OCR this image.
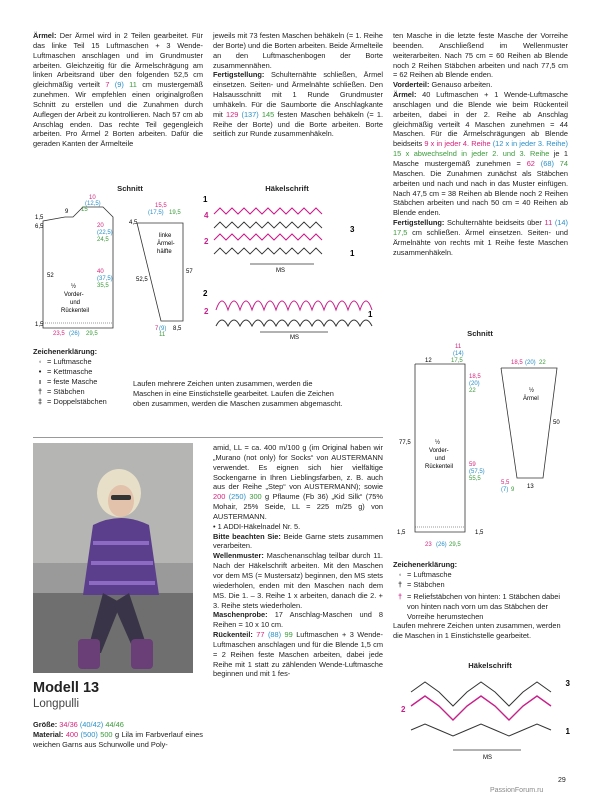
Ärmel: Der Ärmel wird in 2 Teilen gearbeitet. Für das linke Teil 15 Luftmaschen + 3 Wende-Luftmaschen anschlagen und im Grundmuster arbeiten. Gleichzeitig für die Ärmelschrägung am linken Arbeitsrand über den folgenden 52,5 cm gleichmäßig verteilt 7 (9) 11 cm mustergemäß zunehmen. Wir empfehlen einen originalgroßen Schnitt zu erstellen und die Zunahmen durch Auflegen der Arbeit zu kontrollieren. Nach 57 cm ab Anschlag enden. Das rechte Teil gegengleich arbeiten. Pro Ärmel 2 Borten arbeiten. Dafür die geraden Kanten der Ärmelteile

jeweils mit 73 festen Maschen behäkeln (= 1. Reihe der Borte) und die Borten arbeiten. Beide Ärmelteile an den Luftmaschenbogen der Borte zusammennähen.

Fertigstellung: Schulternähte schließen, Ärmel einsetzen. Seiten- und Ärmelnähte schließen. Den Halsausschnitt mit 1 Runde Grundmuster umhäkeln. Für die Saumborte die Anschlagkante mit 129 (137) 145 festen Maschen behäkeln (= 1. Reihe der Borte) und die Borte arbeiten. Borte seitlich zur Runde zusammenhäkeln.

ten Masche in die letzte feste Masche der Vorreihe beenden. Anschließend im Wellenmuster weiterarbeiten. Nach 75 cm = 60 Reihen ab Blende noch 2 Reihen Stäbchen arbeiten und nach 77,5 cm = 62 Reihen ab Blende enden.

Vorderteil: Genauso arbeiten.

Ärmel: 40 Luftmaschen + 1 Wende-Luftmasche anschlagen und die Blende wie beim Rückenteil arbeiten, dabei in der 2. Reihe ab Anschlag gleichmäßig verteilt 4 Maschen zunehmen = 44 Maschen. Für die Ärmelschrägungen ab Blende beidseits 9 x in jeder 4. Reihe (12 x in jeder 3. Reihe) 15 x abwechselnd in jeder 2. und 3. Reihe je 1 Masche mustergemäß zunehmen = 62 (68) 74 Maschen. Die Zunahmen zunächst als Stäbchen arbeiten und nach und nach in das Muster einfügen. Nach 47,5 cm = 38 Reihen ab Blende noch 2 Reihen Stäbchen arbeiten und nach 50 cm = 40 Reihen ab Blende enden.

Fertigstellung: Schulternähte beidseits über 11 (14) 17,5 cm schließen. Ärmel einsetzen. Seiten- und Ärmelnähte von rechts mit 1 Reihe feste Maschen zusammenhäkeln.

Schnitt
10
(12,5)
15
9
1,5
6,5	20
(22,5)
24,5
40
(37,5)
35,5
52
1,5
½
Vorder-
und
Rückenteil
23,5 (26) 29,5
15,5
(17,5) 19,5
4,5
linke
Ärmel-
hälfte
52,5
57
7 (9)
11
8,5
Häkelschrift
1
4
2
3
1
MS
2
2	1
MS
Zeichenerklärung:
◦ = Luftmasche
• = Kettmasche
ı = feste Masche
† = Stäbchen
‡ = Doppelstäbchen
Laufen mehrere Zeichen unten zusammen, werden die Maschen in eine Einstichstelle gearbeitet. Laufen die Zeichen oben zusammen, werden die Maschen zusammen abgemascht.
Modell 13
Longpulli

Größe: 34/36 (40/42) 44/46

Material: 400 (500) 500 g Lila im Farbverlauf eines weichen Garns aus Schurwolle und Poly-

amid, LL = ca. 400 m/100 g (im Original haben wir „Murano (not only) for Socks“ von AUSTERMANN verwendet. Es eignen sich hier vielfältige Sockengarne in Ihren Lieblingsfarben, z. B. auch aus der Reihe „Step“ von AUSTERMANN); sowie 200 (250) 300 g Pflaume (Fb 36) „Kid Silk“ (75% Mohair, 25% Seide, LL = 225 m/25 g) von AUSTERMANN.

• 1 ADDI-Häkelnadel Nr. 5.

Bitte beachten Sie: Beide Garne stets zusammen verarbeiten.

Wellenmuster: Maschenanschlag teilbar durch 11. Nach der Häkelschrift arbeiten. Mit den Maschen vor dem MS (= Mustersatz) beginnen, den MS stets wiederholen, enden mit den Maschen nach dem MS. Die 1. – 3. Reihe 1 x arbeiten, danach die 2. + 3. Reihe stets wiederholen.

Maschenprobe: 17 Anschlag-Maschen und 8 Reihen = 10 x 10 cm.

Rückenteil: 77 (88) 99 Luftmaschen + 3 Wende-Luftmaschen anschlagen und für die Blende 1,5 cm = 2 Reihen feste Maschen arbeiten, dabei jede Reihe mit 1 statt zu zählenden Wende-Luftmasche beginnen und mit 1 fes-

Schnitt
11
(14)
17,5
12
18,5
(20)
22
77,5	½
Vorder-
und
Rückenteil	59
(57,5)
55,5
1,5	1,5
23 (26) 29,5
18,5 (20) 22
½
Ärmel
50
5,5
(7) 9 13
Zeichenerklärung:
◦ = Luftmasche
† = Stäbchen
† = Reliefstäbchen von hinten: 1 Stäbchen dabei von hinten nach vorn um das Stäbchen der Vorreihe herumstechen
Laufen mehrere Zeichen unten zusammen, werden die Maschen in 1 Einstichstelle gearbeitet.
Häkelschrift
3
2
1
MS
29
PassionForum.ru
